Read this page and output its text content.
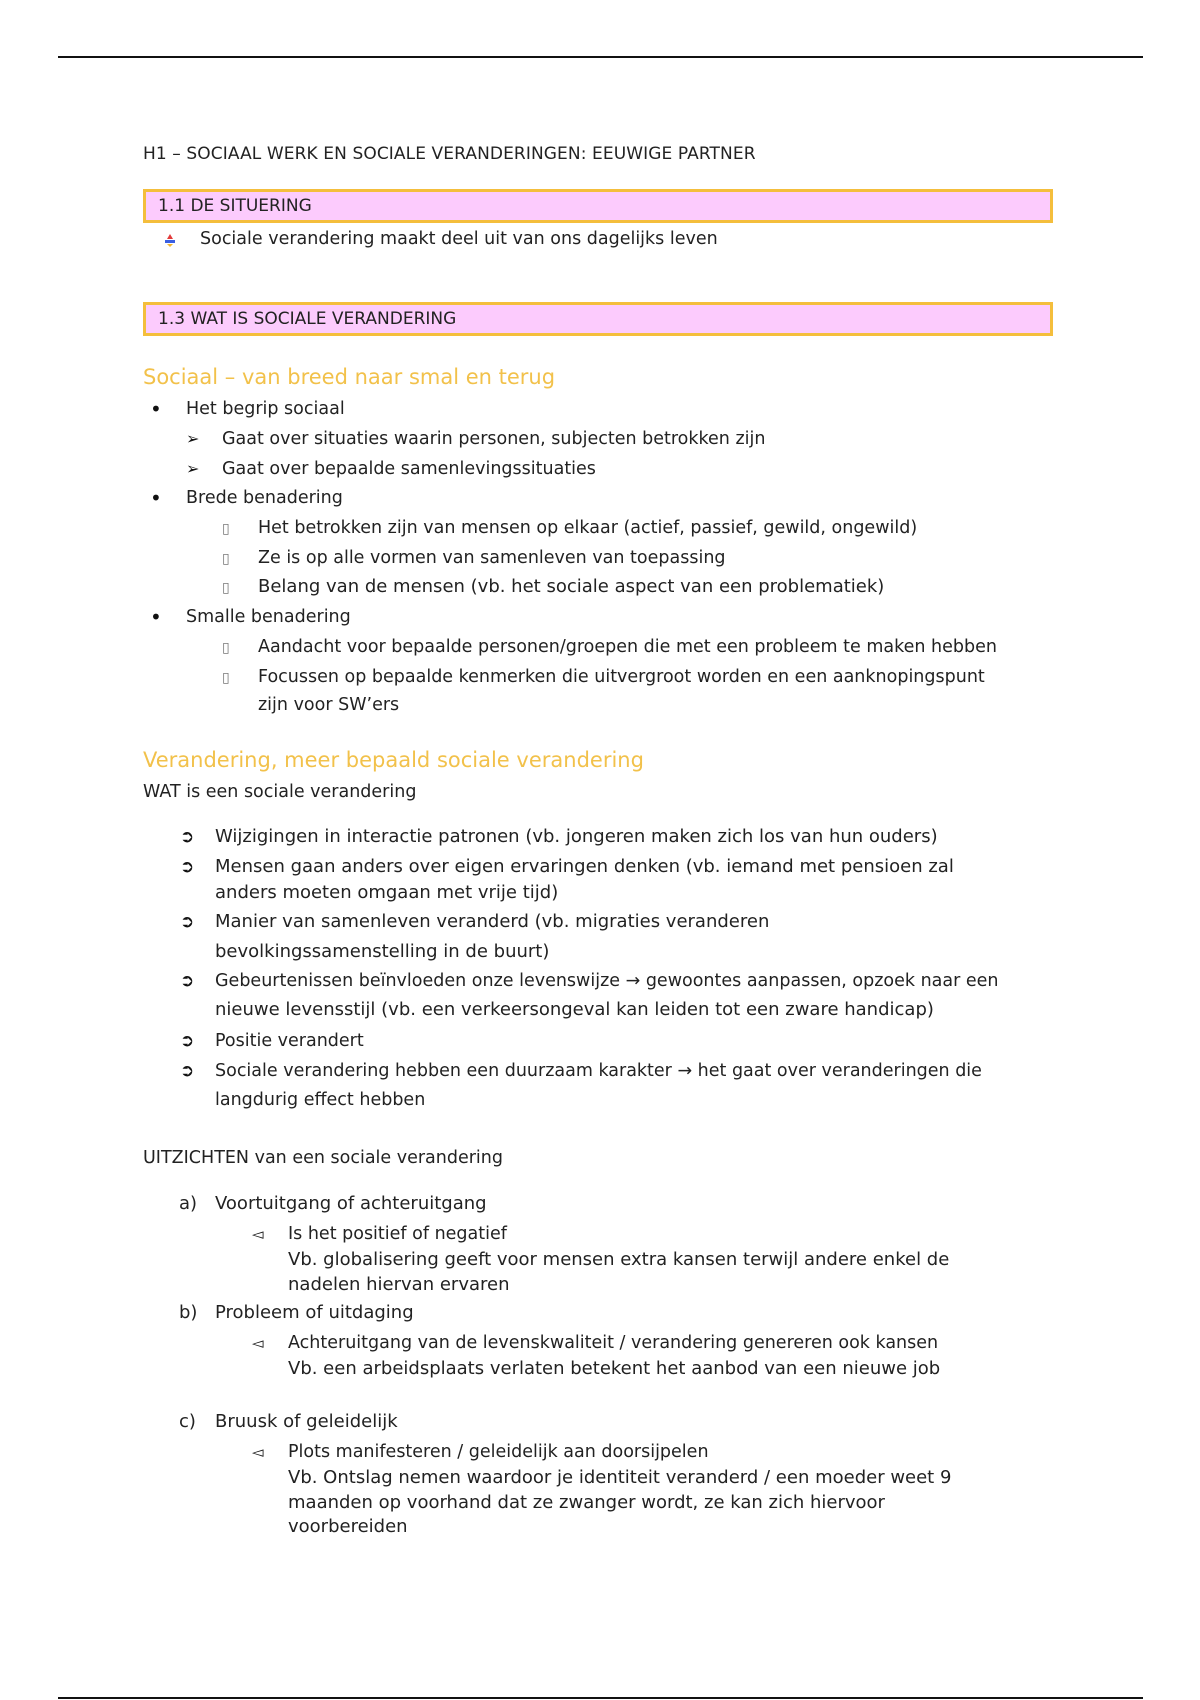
H1 – SOCIAAL WERK EN SOCIALE VERANDERINGEN: EEUWIGE PARTNER
1.1 DE SITUERING
Sociale verandering maakt deel uit van ons dagelijks leven
1.3 WAT IS SOCIALE VERANDERING
Sociaal – van breed naar smal en terug
• Het begrip sociaal
➢ Gaat over situaties waarin personen, subjecten betrokken zijn
➢ Gaat over bepaalde samenlevingssituaties
• Brede benadering
▯ Het betrokken zijn van mensen op elkaar (actief, passief, gewild, ongewild)
▯ Ze is op alle vormen van samenleven van toepassing
▯ Belang van de mensen (vb. het sociale aspect van een problematiek)
• Smalle benadering
▯ Aandacht voor bepaalde personen/groepen die met een probleem te maken hebben
▯ Focussen op bepaalde kenmerken die uitvergroot worden en een aanknopingspunt
zijn voor SW’ers
Verandering, meer bepaald sociale verandering
WAT is een sociale verandering
➲ Wijzigingen in interactie patronen (vb. jongeren maken zich los van hun ouders)
➲ Mensen gaan anders over eigen ervaringen denken (vb. iemand met pensioen zal
anders moeten omgaan met vrije tijd)
➲ Manier van samenleven veranderd (vb. migraties veranderen
bevolkingssamenstelling in de buurt)
➲ Gebeurtenissen beïnvloeden onze levenswijze → gewoontes aanpassen, opzoek naar een
nieuwe levensstijl (vb. een verkeersongeval kan leiden tot een zware handicap)
➲ Positie verandert
➲ Sociale verandering hebben een duurzaam karakter → het gaat over veranderingen die
langdurig effect hebben
UITZICHTEN van een sociale verandering
a) Voortuitgang of achteruitgang
◅ Is het positief of negatief
Vb. globalisering geeft voor mensen extra kansen terwijl andere enkel de
nadelen hiervan ervaren
b) Probleem of uitdaging
◅ Achteruitgang van de levenskwaliteit / verandering genereren ook kansen
Vb. een arbeidsplaats verlaten betekent het aanbod van een nieuwe job
c) Bruusk of geleidelijk
◅ Plots manifesteren / geleidelijk aan doorsijpelen
Vb. Ontslag nemen waardoor je identiteit veranderd / een moeder weet 9
maanden op voorhand dat ze zwanger wordt, ze kan zich hiervoor
voorbereiden
